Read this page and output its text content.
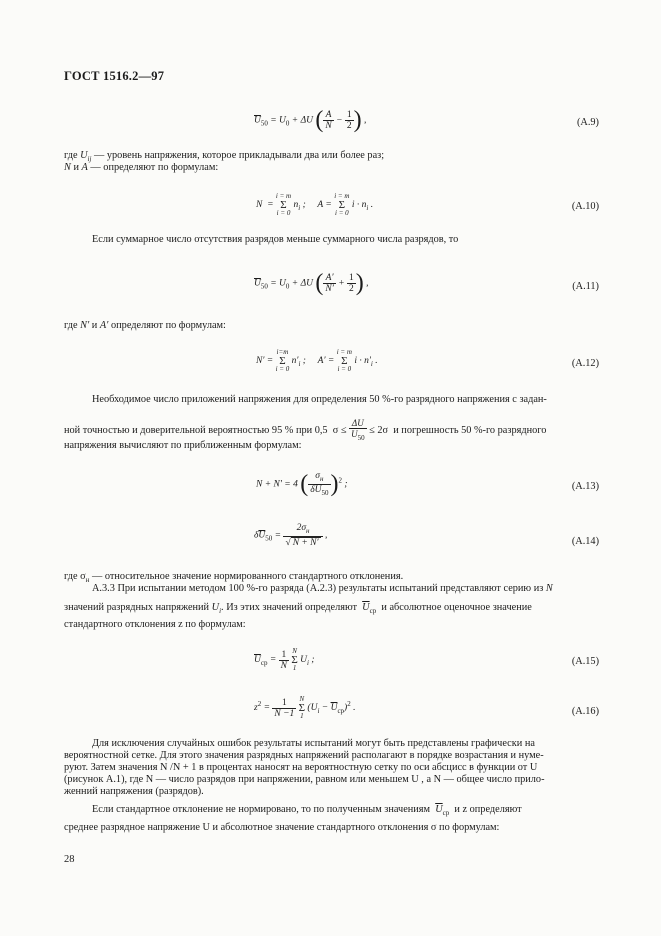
ГОСТ 1516.2—97
$\overline{U}_{50} = U_0 + \Delta U$ ( $\frac{A}{N} - \frac{1}{2}$ ) ,	(А.9)
где $U_{ij}$ — уровень напряжения, которое прикладывали два или более раз;
N и A — определяют по формулам:
N  = i = m
Σ
i = 0 $n_i$ ;     A = i = m
Σ
i = 0 $i \cdot n_i$ .	(А.10)
Если суммарное число отсутствия разрядов меньше суммарного числа разрядов, то
$\overline{U}_{50} = U_0 + \Delta U$ ( $\frac{A'}{N'} + \frac{1}{2}$ ) ,	(А.11)
где N′ и A′ определяют по формулам:
N′ = i=m
Σ
i = 0 $n'_i$ ;     A′ = i = m
Σ
i = 0 $i \cdot n'_i$ .	(А.12)
Необходимое число приложений напряжения для определения 50 %-го разрядного напряжения с задан-
ной точностью и доверительной вероятностью 95 % при 0,5  $\sigma \le \frac{\Delta U}{\overline{U}_{50}} \le 2\sigma$  и погрешность 50 %-го разрядного
напряжения вычисляют по приближенным формулам:
N + N′ = 4 ( $\frac{\sigma_н}{\delta\overline{U}_{50}} )^2$ ;	(А.13)
$\delta\overline{U}_{50} = \frac{2\sigma_н}{√ N + N'}$ ,
(А.14)
где $\sigma_н$ — относительное значение нормированного стандартного отклонения.
А.3.3 При испытании методом 100 %-го разряда (А.2.3) результаты испытаний представляют серию из N
значений разрядных напряжений $U_i$. Из этих значений определяют $\overline{U}_{ср}$ и абсолютное оценочное значение
стандартного отклонения z по формулам:
$\overline{U}_{ср} = \frac{1}{N}$ N
Σ
1 $U_i$ ;	(А.15)
$z^2 = \frac{1}{N -1}$ N
Σ
1 $(U_i - \overline{U}_{ср})^2$ .	(А.16)
Для исключения случайных ошибок результаты испытаний могут быть представлены графически на
вероятностной сетке. Для этого значения разрядных напряжений располагают в порядке возрастания и нуме-
руют. Затем значения N /N + 1 в процентах наносят на вероятностную сетку по оси абсцисс в функции от U
(рисунок А.1), где N — число разрядов при напряжении, равном или меньшем U , а N — общее число прило-
женний напряжения (разрядов).
Если стандартное отклонение не нормировано, то по полученным значениям $\overline{U}_{ср}$ и z определяют
среднее разрядное напряжение U и абсолютное значение стандартного отклонения σ по формулам:
28
